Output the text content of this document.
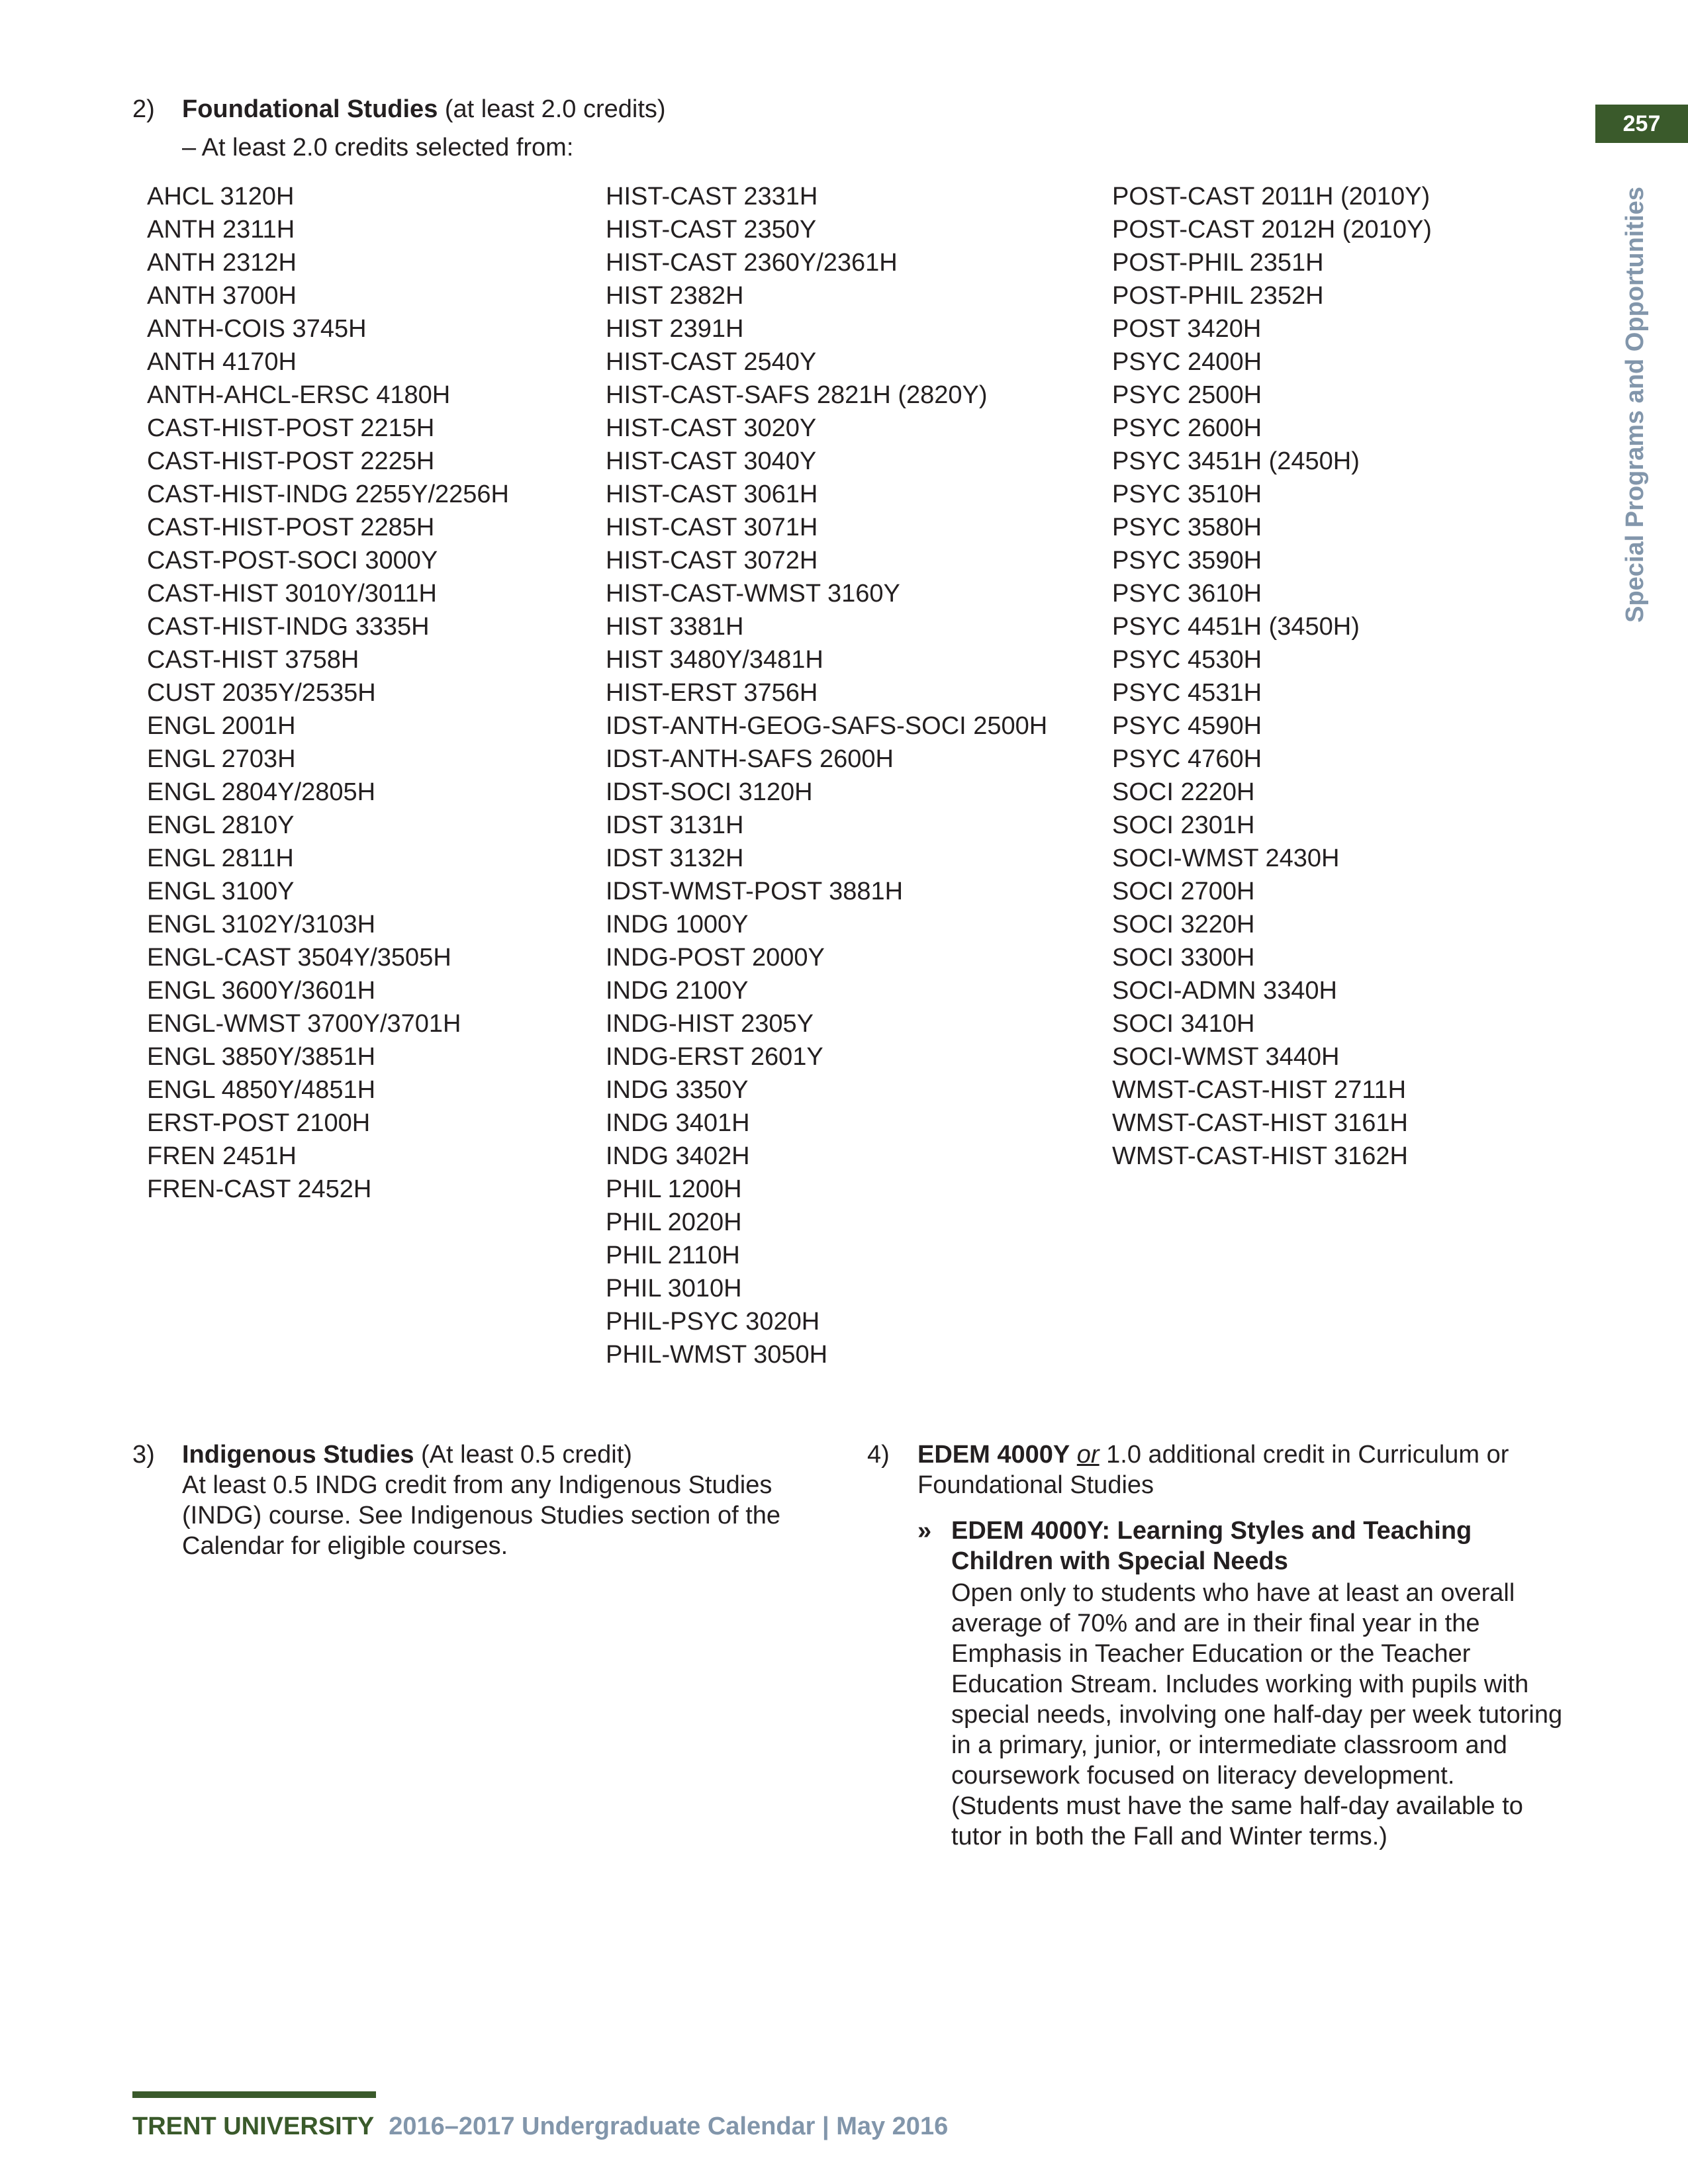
257
Special Programs and Opportunities
2) Foundational Studies (at least 2.0 credits)
– At least 2.0 credits selected from:
AHCL 3120H
ANTH 2311H
ANTH 2312H
ANTH 3700H
ANTH-COIS 3745H
ANTH 4170H
ANTH-AHCL-ERSC 4180H
CAST-HIST-POST 2215H
CAST-HIST-POST 2225H
CAST-HIST-INDG 2255Y/2256H
CAST-HIST-POST 2285H
CAST-POST-SOCI 3000Y
CAST-HIST 3010Y/3011H
CAST-HIST-INDG 3335H
CAST-HIST 3758H
CUST 2035Y/2535H
ENGL 2001H
ENGL 2703H
ENGL 2804Y/2805H
ENGL 2810Y
ENGL 2811H
ENGL 3100Y
ENGL 3102Y/3103H
ENGL-CAST 3504Y/3505H
ENGL 3600Y/3601H
ENGL-WMST 3700Y/3701H
ENGL 3850Y/3851H
ENGL 4850Y/4851H
ERST-POST 2100H
FREN 2451H
FREN-CAST 2452H
HIST-CAST 2331H
HIST-CAST 2350Y
HIST-CAST 2360Y/2361H
HIST 2382H
HIST 2391H
HIST-CAST 2540Y
HIST-CAST-SAFS 2821H (2820Y)
HIST-CAST 3020Y
HIST-CAST 3040Y
HIST-CAST 3061H
HIST-CAST 3071H
HIST-CAST 3072H
HIST-CAST-WMST 3160Y
HIST 3381H
HIST 3480Y/3481H
HIST-ERST 3756H
IDST-ANTH-GEOG-SAFS-SOCI 2500H
IDST-ANTH-SAFS 2600H
IDST-SOCI 3120H
IDST 3131H
IDST 3132H
IDST-WMST-POST 3881H
INDG 1000Y
INDG-POST 2000Y
INDG 2100Y
INDG-HIST 2305Y
INDG-ERST 2601Y
INDG 3350Y
INDG 3401H
INDG 3402H
PHIL 1200H
PHIL 2020H
PHIL 2110H
PHIL 3010H
PHIL-PSYC 3020H
PHIL-WMST 3050H
POST-CAST 2011H (2010Y)
POST-CAST 2012H (2010Y)
POST-PHIL 2351H
POST-PHIL 2352H
POST 3420H
PSYC 2400H
PSYC 2500H
PSYC 2600H
PSYC 3451H (2450H)
PSYC 3510H
PSYC 3580H
PSYC 3590H
PSYC 3610H
PSYC 4451H (3450H)
PSYC 4530H
PSYC 4531H
PSYC 4590H
PSYC 4760H
SOCI 2220H
SOCI 2301H
SOCI-WMST 2430H
SOCI 2700H
SOCI 3220H
SOCI 3300H
SOCI-ADMN 3340H
SOCI 3410H
SOCI-WMST 3440H
WMST-CAST-HIST 2711H
WMST-CAST-HIST 3161H
WMST-CAST-HIST 3162H
3) Indigenous Studies (At least 0.5 credit)
At least 0.5 INDG credit from any Indigenous Studies (INDG) course. See Indigenous Studies section of the Calendar for eligible courses.
4) EDEM 4000Y or 1.0 additional credit in Curriculum or Foundational Studies
» EDEM 4000Y: Learning Styles and Teaching Children with Special Needs
Open only to students who have at least an overall average of 70% and are in their final year in the Emphasis in Teacher Education or the Teacher Education Stream. Includes working with pupils with special needs, involving one half-day per week tutoring in a primary, junior, or intermediate classroom and coursework focused on literacy development. (Students must have the same half-day available to tutor in both the Fall and Winter terms.)
TRENT UNIVERSITY 2016–2017 Undergraduate Calendar | May 2016
